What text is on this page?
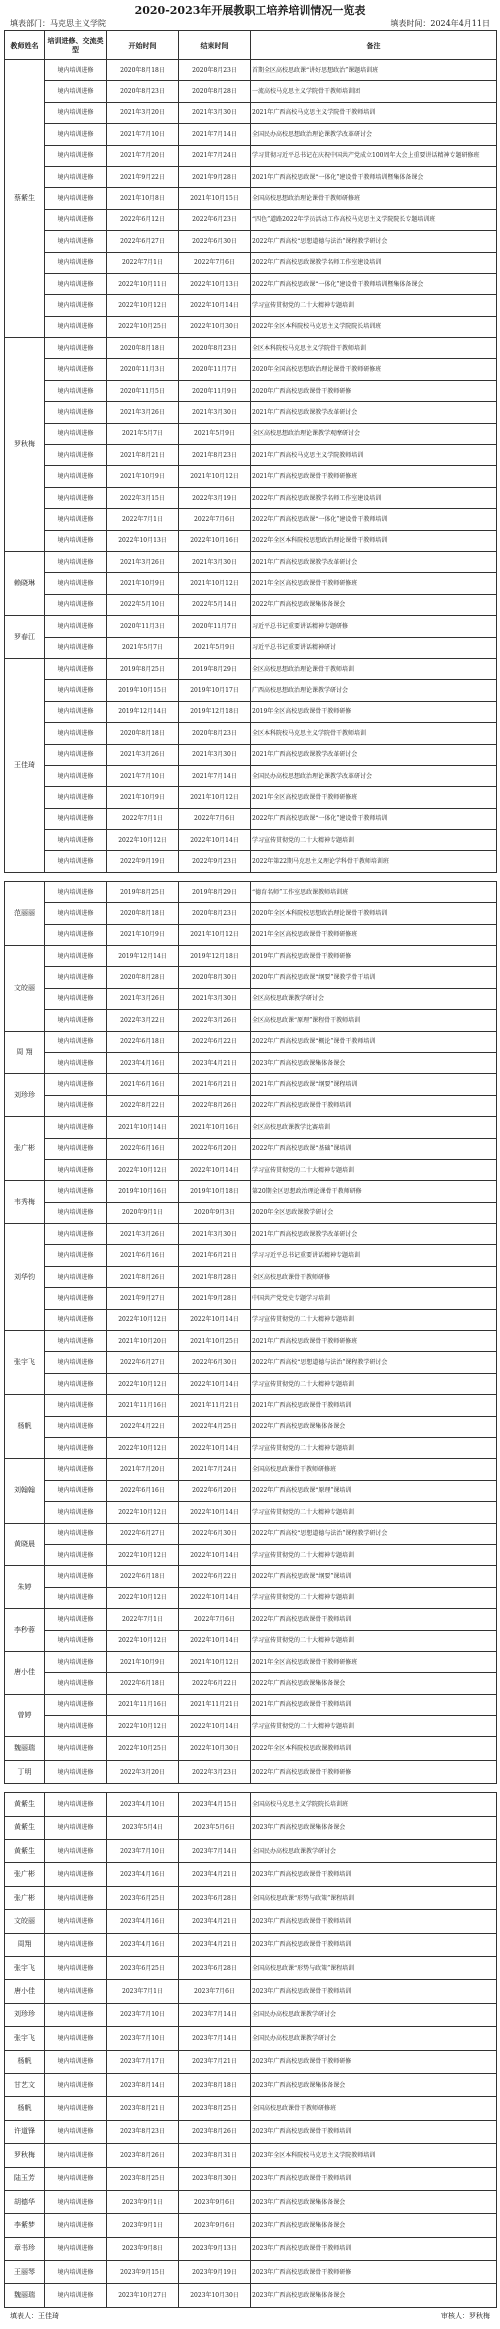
2020-2023年开展教职工培养培训情况一览表
填表部门：马克思主义学院	填表时间：2024年4月11日
教师姓名	培训进修、交流类型	开始时间	结束时间	备注
蔡紫生	境内培训进修	2020年8月18日	2020年8月23日	首期全区高校思政课“讲好思想政治”课题培训班
	境内培训进修	2020年8月23日	2020年8月28日	一流高校马克思主义学院骨干教师培训团
	境内培训进修	2021年3月20日	2021年3月30日	2021年广西高校马克思主义学院骨干教师培训
	境内培训进修	2021年7月10日	2021年7月14日	全国民办高校思想政治理论课教学改革研讨会
	境内培训进修	2021年7月20日	2021年7月24日	学习贯彻习近平总书记在庆祝中国共产党成立100周年大会上重要讲话精神专题研修班
	境内培训进修	2021年9月22日	2021年9月28日	2021年广西高校思政课“一体化”建设骨干教师培训暨集体备课会
	境内培训进修	2021年10月8日	2021年10月15日	全国高校思想政治理论课骨干教师研修班
	境内培训进修	2022年6月12日	2022年6月23日	“四色”道路2022年学员活动工作高校马克思主义学院院长专题培训班
	境内培训进修	2022年6月27日	2022年6月30日	2022年广西高校“思想道德与法治”课程教学研讨会
	境内培训进修	2022年7月1日	2022年7月6日	2022年广西高校思政课教学名师工作室建设培训
	境内培训进修	2022年10月11日	2022年10月13日	2022年广西高校思政课“一体化”建设骨干教师培训暨集体备课会
	境内培训进修	2022年10月12日	2022年10月14日	学习宣传贯彻党的二十大精神专题培训
	境内培训进修	2022年10月25日	2022年10月30日	2022年全区本科院校马克思主义学院院长培训班
罗秋梅	境内培训进修	2020年8月18日	2020年8月23日	全区本科院校马克思主义学院骨干教师培训
	境内培训进修	2020年11月3日	2020年11月7日	2020年全国高校思想政治理论课骨干教师研修班
	境内培训进修	2020年11月5日	2020年11月9日	2020年广西高校思政课骨干教师研修
	境内培训进修	2021年3月26日	2021年3月30日	2021年广西高校思政课教学改革研讨会
	境内培训进修	2021年5月7日	2021年5月9日	全区高校思想政治理论课教学观摩研讨会
	境内培训进修	2021年8月21日	2021年8月23日	2021年广西高校马克思主义学院教师培训
	境内培训进修	2021年10月9日	2021年10月12日	2021年广西高校思政课骨干教师研修班
	境内培训进修	2022年3月15日	2022年3月19日	2022年广西高校思政课教学名师工作室建设培训
	境内培训进修	2022年7月1日	2022年7月6日	2022年广西高校思政课“一体化”建设骨干教师培训
	境内培训进修	2022年10月13日	2022年10月16日	2022年全区本科院校思想政治理论课骨干教师培训
赖晓琳	境内培训进修	2021年3月26日	2021年3月30日	2021年广西高校思政课教学改革研讨会
	境内培训进修	2021年10月9日	2021年10月12日	2021年全区高校思政课骨干教师研修班
	境内培训进修	2022年5月10日	2022年5月14日	2022年广西高校思政课集体备课会
罗春江	境内培训进修	2020年11月3日	2020年11月7日	习近平总书记重要讲话精神专题研修
	境内培训进修	2021年5月7日	2021年5月9日	习近平总书记重要讲话精神研讨
王佳琦	境内培训进修	2019年8月25日	2019年8月29日	全区高校思想政治理论课骨干教师培训
	境内培训进修	2019年10月15日	2019年10月17日	广西高校思想政治理论课教学研讨会
	境内培训进修	2019年12月14日	2019年12月18日	2019年全区高校思政课骨干教师研修
	境内培训进修	2020年8月18日	2020年8月23日	全区本科院校马克思主义学院骨干教师培训
	境内培训进修	2021年3月26日	2021年3月30日	2021年广西高校思政课教学改革研讨会
	境内培训进修	2021年7月10日	2021年7月14日	全国民办高校思想政治理论课教学改革研讨会
	境内培训进修	2021年10月9日	2021年10月12日	2021年全区高校思政课骨干教师研修班
	境内培训进修	2022年7月1日	2022年7月6日	2022年广西高校思政课“一体化”建设骨干教师培训
	境内培训进修	2022年10月12日	2022年10月14日	学习宣传贯彻党的二十大精神专题培训
	境内培训进修	2022年9月19日	2022年9月23日	2022年第22期马克思主义理论学科骨干教师培训班

范丽丽	境内培训进修	2019年8月25日	2019年8月29日	“德育名师”工作室思政课教师培训班
	境内培训进修	2020年8月18日	2020年8月23日	2020年全区本科院校思想政治理论课骨干教师培训
	境内培训进修	2021年10月9日	2021年10月12日	2021年全区高校思政课骨干教师研修班
文皎丽	境内培训进修	2019年12月14日	2019年12月18日	2019年广西高校思政课骨干教师研修
	境内培训进修	2020年8月28日	2020年8月30日	2020年广西高校思政课“纲要”课教学骨干培训
	境内培训进修	2021年3月26日	2021年3月30日	全区高校思政课教学研讨会
	境内培训进修	2022年3月22日	2022年3月26日	全区高校思政课“原理”课程骨干教师培训
周 翔	境内培训进修	2022年6月18日	2022年6月22日	2022年广西高校思政课“概论”课骨干教师培训
	境内培训进修	2023年4月16日	2023年4月21日	2023年广西高校思政课集体备课会
刘珍珍	境内培训进修	2021年6月16日	2021年6月21日	2021年广西高校思政课“纲要”课程培训
	境内培训进修	2022年8月22日	2022年8月26日	2022年广西高校思政课骨干教师培训
张广彬	境内培训进修	2021年10月14日	2021年10月16日	全区高校思政课教学比赛培训
	境内培训进修	2022年6月16日	2022年6月20日	2022年广西高校思政课“基础”课培训
	境内培训进修	2022年10月12日	2022年10月14日	学习宣传贯彻党的二十大精神专题培训
韦秀梅	境内培训进修	2019年10月16日	2019年10月18日	第20期全区思想政治理论课骨干教师研修
	境内培训进修	2020年9月1日	2020年9月3日	2020年全区思政课教学研讨会
刘华钧	境内培训进修	2021年3月26日	2021年3月30日	2021年广西高校思政课教学改革研讨会
	境内培训进修	2021年6月16日	2021年6月21日	学习习近平总书记重要讲话精神专题培训
	境内培训进修	2021年8月26日	2021年8月28日	全区高校思政课骨干教师研修
	境内培训进修	2021年9月27日	2021年9月28日	中国共产党党史专题学习培训
	境内培训进修	2022年10月12日	2022年10月14日	学习宣传贯彻党的二十大精神专题培训
张宇飞	境内培训进修	2021年10月20日	2021年10月25日	2021年广西高校思政课骨干教师研修班
	境内培训进修	2022年6月27日	2022年6月30日	2022年广西高校“思想道德与法治”课程教学研讨会
	境内培训进修	2022年10月12日	2022年10月14日	学习宣传贯彻党的二十大精神专题培训
杨帆	境内培训进修	2021年11月16日	2021年11月21日	2021年广西高校思政课骨干教师培训
	境内培训进修	2022年4月22日	2022年4月25日	2022年广西高校思政课集体备课会
	境内培训进修	2022年10月12日	2022年10月14日	学习宣传贯彻党的二十大精神专题培训
刘翰翰	境内培训进修	2021年7月20日	2021年7月24日	全国高校思政课骨干教师研修班
	境内培训进修	2022年6月16日	2022年6月20日	2022年广西高校思政课“原理”课培训
	境内培训进修	2022年10月12日	2022年10月14日	学习宣传贯彻党的二十大精神专题培训
黄晓晨	境内培训进修	2022年6月27日	2022年6月30日	2022年广西高校“思想道德与法治”课程教学研讨会
	境内培训进修	2022年10月12日	2022年10月14日	学习宣传贯彻党的二十大精神专题培训
朱婷	境内培训进修	2022年6月18日	2022年6月22日	2022年广西高校思政课“纲要”课培训
	境内培训进修	2022年10月12日	2022年10月14日	学习宣传贯彻党的二十大精神专题培训
李秒蓉	境内培训进修	2022年7月1日	2022年7月6日	2022年广西高校思政课骨干教师培训
	境内培训进修	2022年10月12日	2022年10月14日	学习宣传贯彻党的二十大精神专题培训
唐小佳	境内培训进修	2021年10月9日	2021年10月12日	2021年全区高校思政课骨干教师研修班
	境内培训进修	2022年6月18日	2022年6月22日	2022年广西高校思政课集体备课会
曾婷	境内培训进修	2021年11月16日	2021年11月21日	2021年广西高校思政课骨干教师培训
	境内培训进修	2022年10月12日	2022年10月14日	学习宣传贯彻党的二十大精神专题培训
魏丽瑞	境内培训进修	2022年10月25日	2022年10月30日	2022年全区本科院校思政课教师培训
丁明	境内培训进修	2022年3月20日	2022年3月23日	2022年广西高校思政课骨干教师研修

黄紫生	境内培训进修	2023年4月10日	2023年4月15日	全国高校马克思主义学院院长培训班
黄紫生	境内培训进修	2023年5月4日	2023年5月6日	2023年广西高校思政课集体备课会
黄紫生	境内培训进修	2023年7月10日	2023年7月14日	全国民办高校思政课教学研讨会
张广彬	境内培训进修	2023年4月16日	2023年4月21日	2023年广西高校思政课骨干教师培训
张广彬	境内培训进修	2023年6月25日	2023年6月28日	全国高校思政课“形势与政策”课程培训
文皎丽	境内培训进修	2023年4月16日	2023年4月21日	2023年广西高校思政课骨干教师培训
周翔	境内培训进修	2023年4月16日	2023年4月21日	2023年广西高校思政课骨干教师培训
张宇飞	境内培训进修	2023年6月25日	2023年6月28日	全国高校思政课“形势与政策”课程培训
唐小佳	境内培训进修	2023年7月1日	2023年7月6日	2023年广西高校思政课骨干教师培训
刘珍珍	境内培训进修	2023年7月10日	2023年7月14日	全国民办高校思政课教学研讨会
张宇飞	境内培训进修	2023年7月10日	2023年7月14日	全国民办高校思政课教学研讨会
杨帆	境内培训进修	2023年7月17日	2023年7月21日	2023年广西高校思政课骨干教师研修
甘艺文	境内培训进修	2023年8月14日	2023年8月18日	2023年广西高校思政课集体备课会
杨帆	境内培训进修	2023年8月21日	2023年8月25日	全国高校思政课骨干教师研修班
许道锋	境内培训进修	2023年8月23日	2023年8月26日	2023年广西高校思政课骨干教师培训
罗秋梅	境内培训进修	2023年8月26日	2023年8月31日	2023年全区本科院校马克思主义学院教师培训
陆玉芳	境内培训进修	2023年8月25日	2023年8月30日	2023年广西高校思政课骨干教师培训
胡德华	境内培训进修	2023年9月1日	2023年9月6日	2023年广西高校思政课集体备课会
李紫梦	境内培训进修	2023年9月1日	2023年9月6日	2023年广西高校思政课集体备课会
章书珍	境内培训进修	2023年9月8日	2023年9月13日	2023年广西高校思政课骨干教师培训
王丽琴	境内培训进修	2023年9月15日	2023年9月19日	2023年广西高校思政课骨干教师研修
魏丽瑞	境内培训进修	2023年10月27日	2023年10月30日	2023年广西高校思政课集体备课会
填表人：王佳琦	审核人：罗秋梅
